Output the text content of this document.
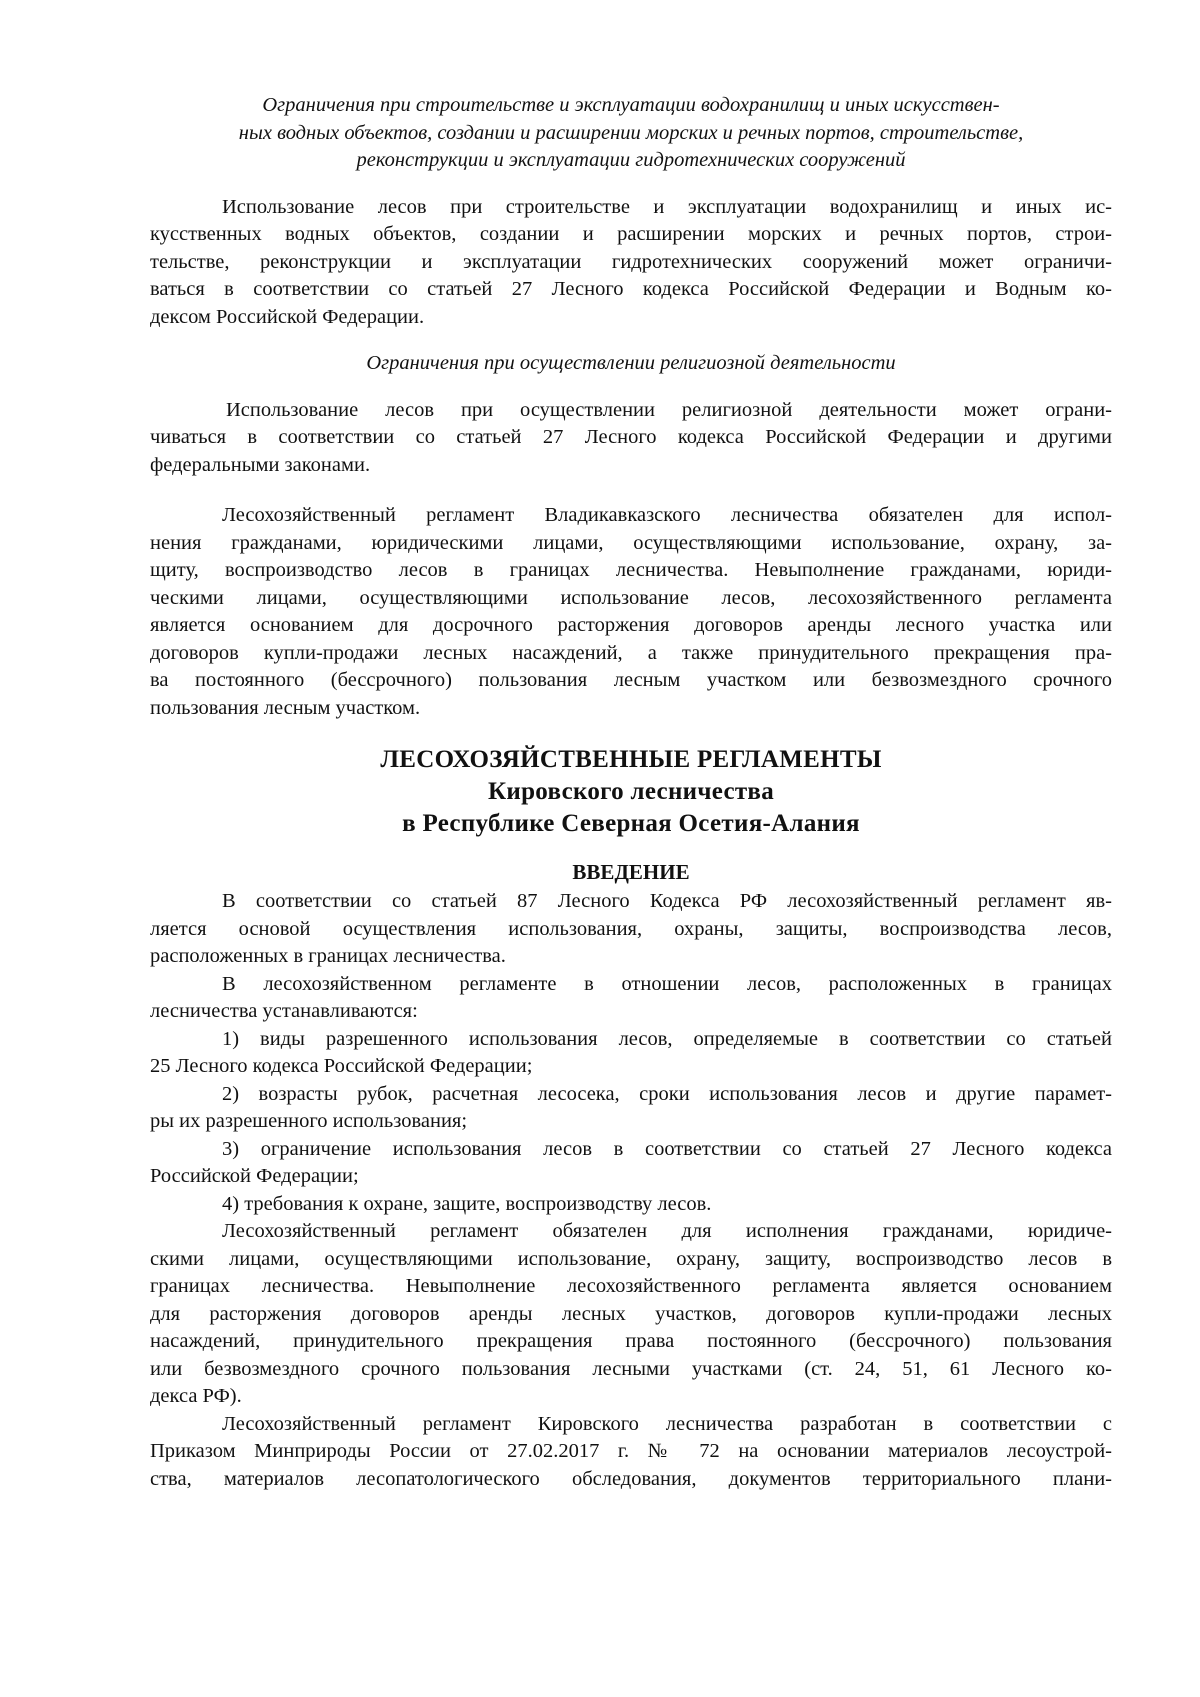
Ограничения при строительстве и эксплуатации водохранилищ и иных искусствен-
ных водных объектов, создании и расширении морских и речных портов, строительстве,
реконструкции и эксплуатации гидротехнических сооружений
Использование лесов при строительстве и эксплуатации водохранилищ и иных ис-
кусственных водных объектов, создании и расширении морских и речных портов, строи-
тельстве, реконструкции и эксплуатации гидротехнических сооружений может ограничи-
ваться в соответствии со статьей 27 Лесного кодекса Российской Федерации и Водным ко-
дексом Российской Федерации.
Ограничения при осуществлении религиозной деятельности
Использование лесов при осуществлении религиозной деятельности может ограни-
чиваться в соответствии со статьей 27 Лесного кодекса Российской Федерации и другими
федеральными законами.
Лесохозяйственный регламент Владикавказского лесничества обязателен для испол-
нения гражданами, юридическими лицами, осуществляющими использование, охрану, за-
щиту, воспроизводство лесов в границах лесничества. Невыполнение гражданами, юриди-
ческими лицами, осуществляющими использование лесов, лесохозяйственного регламента
является основанием для досрочного расторжения договоров аренды лесного участка или
договоров купли-продажи лесных насаждений, а также принудительного прекращения пра-
ва постоянного (бессрочного) пользования лесным участком или безвозмездного срочного
пользования лесным участком.
ЛЕСОХОЗЯЙСТВЕННЫЕ РЕГЛАМЕНТЫ
Кировского лесничества
в Республике Северная Осетия-Алания
ВВЕДЕНИЕ
В соответствии со статьей 87 Лесного Кодекса РФ лесохозяйственный регламент яв-
ляется основой осуществления использования, охраны, защиты, воспроизводства лесов,
расположенных в границах лесничества.
В лесохозяйственном регламенте в отношении лесов, расположенных в границах
лесничества устанавливаются:
1) виды разрешенного использования лесов, определяемые в соответствии со статьей
25 Лесного кодекса Российской Федерации;
2) возрасты рубок, расчетная лесосека, сроки использования лесов и другие парамет-
ры их разрешенного использования;
3) ограничение использования лесов в соответствии со статьей 27 Лесного кодекса
Российской Федерации;
4) требования к охране, защите, воспроизводству лесов.
Лесохозяйственный регламент обязателен для исполнения гражданами, юридиче-
скими лицами, осуществляющими использование, охрану, защиту, воспроизводство лесов в
границах лесничества. Невыполнение лесохозяйственного регламента является основанием
для расторжения договоров аренды лесных участков, договоров купли-продажи лесных
насаждений, принудительного прекращения права постоянного (бессрочного) пользования
или безвозмездного срочного пользования лесными участками (ст. 24, 51, 61 Лесного ко-
декса РФ).
Лесохозяйственный регламент Кировского лесничества разработан в соответствии с
Приказом Минприроды России от 27.02.2017 г. № 72 на основании материалов лесоустрой-
ства, материалов лесопатологического обследования, документов территориального плани-
